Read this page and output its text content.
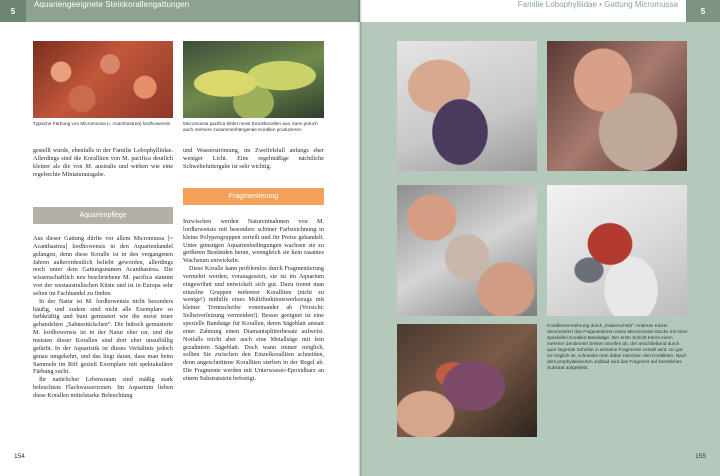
5
Aquariengeeignete Steinkorallengattungen	Familie Lobophylliidae • Gattung Micromussa
5
Typische Färbung von Micromussa (= Acanthastrea) lordhowensis	Micromussa pacifica bildet meist Einzelkorallen aus, kann jedoch auch mehrere zusammenhängende Korallen produzieren

gestellt wurde, ebenfalls in der Familie Lobophylliidae. Allerdings sind die Koralliten von M. pacifica deutlich kleiner als die von M. australis und wirken wie eine regelrechte Miniaturausgabe.

Aquarienpflege

Aus dieser Gattung dürfte vor allem Micromussa [= Acanthastrea] lordhowensis in den Aquarienhandel gelangen, denn diese Koralle ist in den vergangenen Jahren außerordentlich beliebt geworden, allerdings noch unter dem Gattungsnamen Acanthastrea. Die wissenschaftlich neu beschriebene M. pacifica stammt von der westaustralischen Küste und ist in Europa sehr selten im Fachhandel zu finden.

In der Natur ist M. lordhowensis nicht besonders häufig, und zudem sind nicht alle Exemplare so farbkräftig und bunt gemustert wie die meist teuer gehandelten „Sahnestückchen“. Die hübsch gemusterte M. lordhowensis ist in der Natur eher rar, und die meisten dieser Korallen sind dort eher unauffällig gefärbt. In der Aquaristik ist dieses Verhältnis jedoch genau umgekehrt, und das liegt daran, dass man beim Sammeln im Riff gezielt Exemplare mit spektakulärer Färbung sucht.

Ihr natürlicher Lebensraum sind mäßig stark beleuchtete Flachwasserzonen. Im Aquarium lieben diese Korallen mittelstarke Beleuchtung

und Wasserströmung, im Zweifelsfall anfangs eher weniger Licht. Eine regelmäßige nächtliche Schwebefuttergabe ist sehr wichtig.

Fragmentierung

Inzwischen werden Naturentnahmen von M. lordhowensis mit besonders schöner Farbzeichnung in kleine Polypengruppen zerteilt und für Preise gehandelt. Unter günstigen Aquarienbedingungen wachsen sie zu größeren Beständen heran, wenngleich sie kein rasantes Wachstum entwickeln.

Diese Koralle kann problemlos durch Fragmentierung vermehrt werden, vorausgesetzt, sie ist im Aquarium eingewöhnt und entwickelt sich gut. Dazu trennt man einzelne Gruppen mehrerer Koralliten (nicht zu wenige!) mithilfe eines Multifunktionswerkzeugs mit kleiner Trennscheibe voneinander ab (Vorsicht: Selbstverletzung vermeiden!). Besser geeignet ist eine spezielle Bandsäge für Korallen, deren Sägeblatt anstatt einer Zahnung einen Diamantsplitterbesatz aufweist. Notfalls reicht aber auch eine Metallsäge mit fein gezahntem Sägeblatt. Doch wann immer möglich, sollten Sie zwischen den Einzelkoralliten schneiden, denn angeschnittene Koralliten sterben in der Regel ab. Die Fragmente werden mit Unterwasser-Epoxidharz an einem Substratstein befestigt.

Korallenvermehrung durch „Kaiserschnitt“: Andreas Kaiser demonstriert das Fragmentieren eines Micromussa-Stocks mit einer speziellen Korallen-Bandsäge: Der erste Schnitt trennt einen mehrere Zentimeter breiten Streifen ab, der anschließend durch quer liegende Schnitte in einzelne Fragmente zerteilt wird. So gut es möglich ist, schneidet man dabei zwischen den Korallitten. Nach dem prophylaktischen Jodbad wird das Fragment auf künstliches Substrat aufgeklebt.
154	155
